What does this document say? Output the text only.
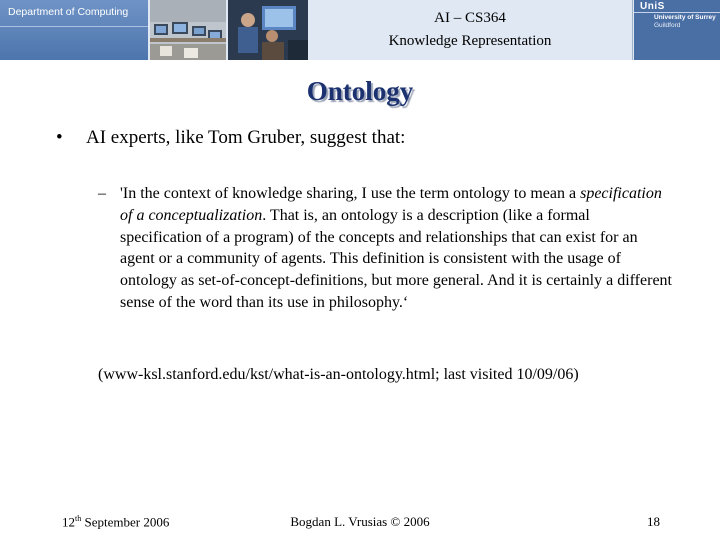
Department of Computing	AI – CS364
Knowledge Representation
UniS
University of Surrey
Guildford
Ontology
• AI experts, like Tom Gruber, suggest that:
– 'In the context of knowledge sharing, I use the term ontology to mean a specification of a conceptualization. That is, an ontology is a description (like a formal specification of a program) of the concepts and relationships that can exist for an agent or a community of agents. This definition is consistent with the usage of ontology as set-of-concept-definitions, but more general. And it is certainly a different sense of the word than its use in philosophy.‘
(www-ksl.stanford.edu/kst/what-is-an-ontology.html; last visited 10/09/06)
12th September 2006	Bogdan L. Vrusias © 2006	18
